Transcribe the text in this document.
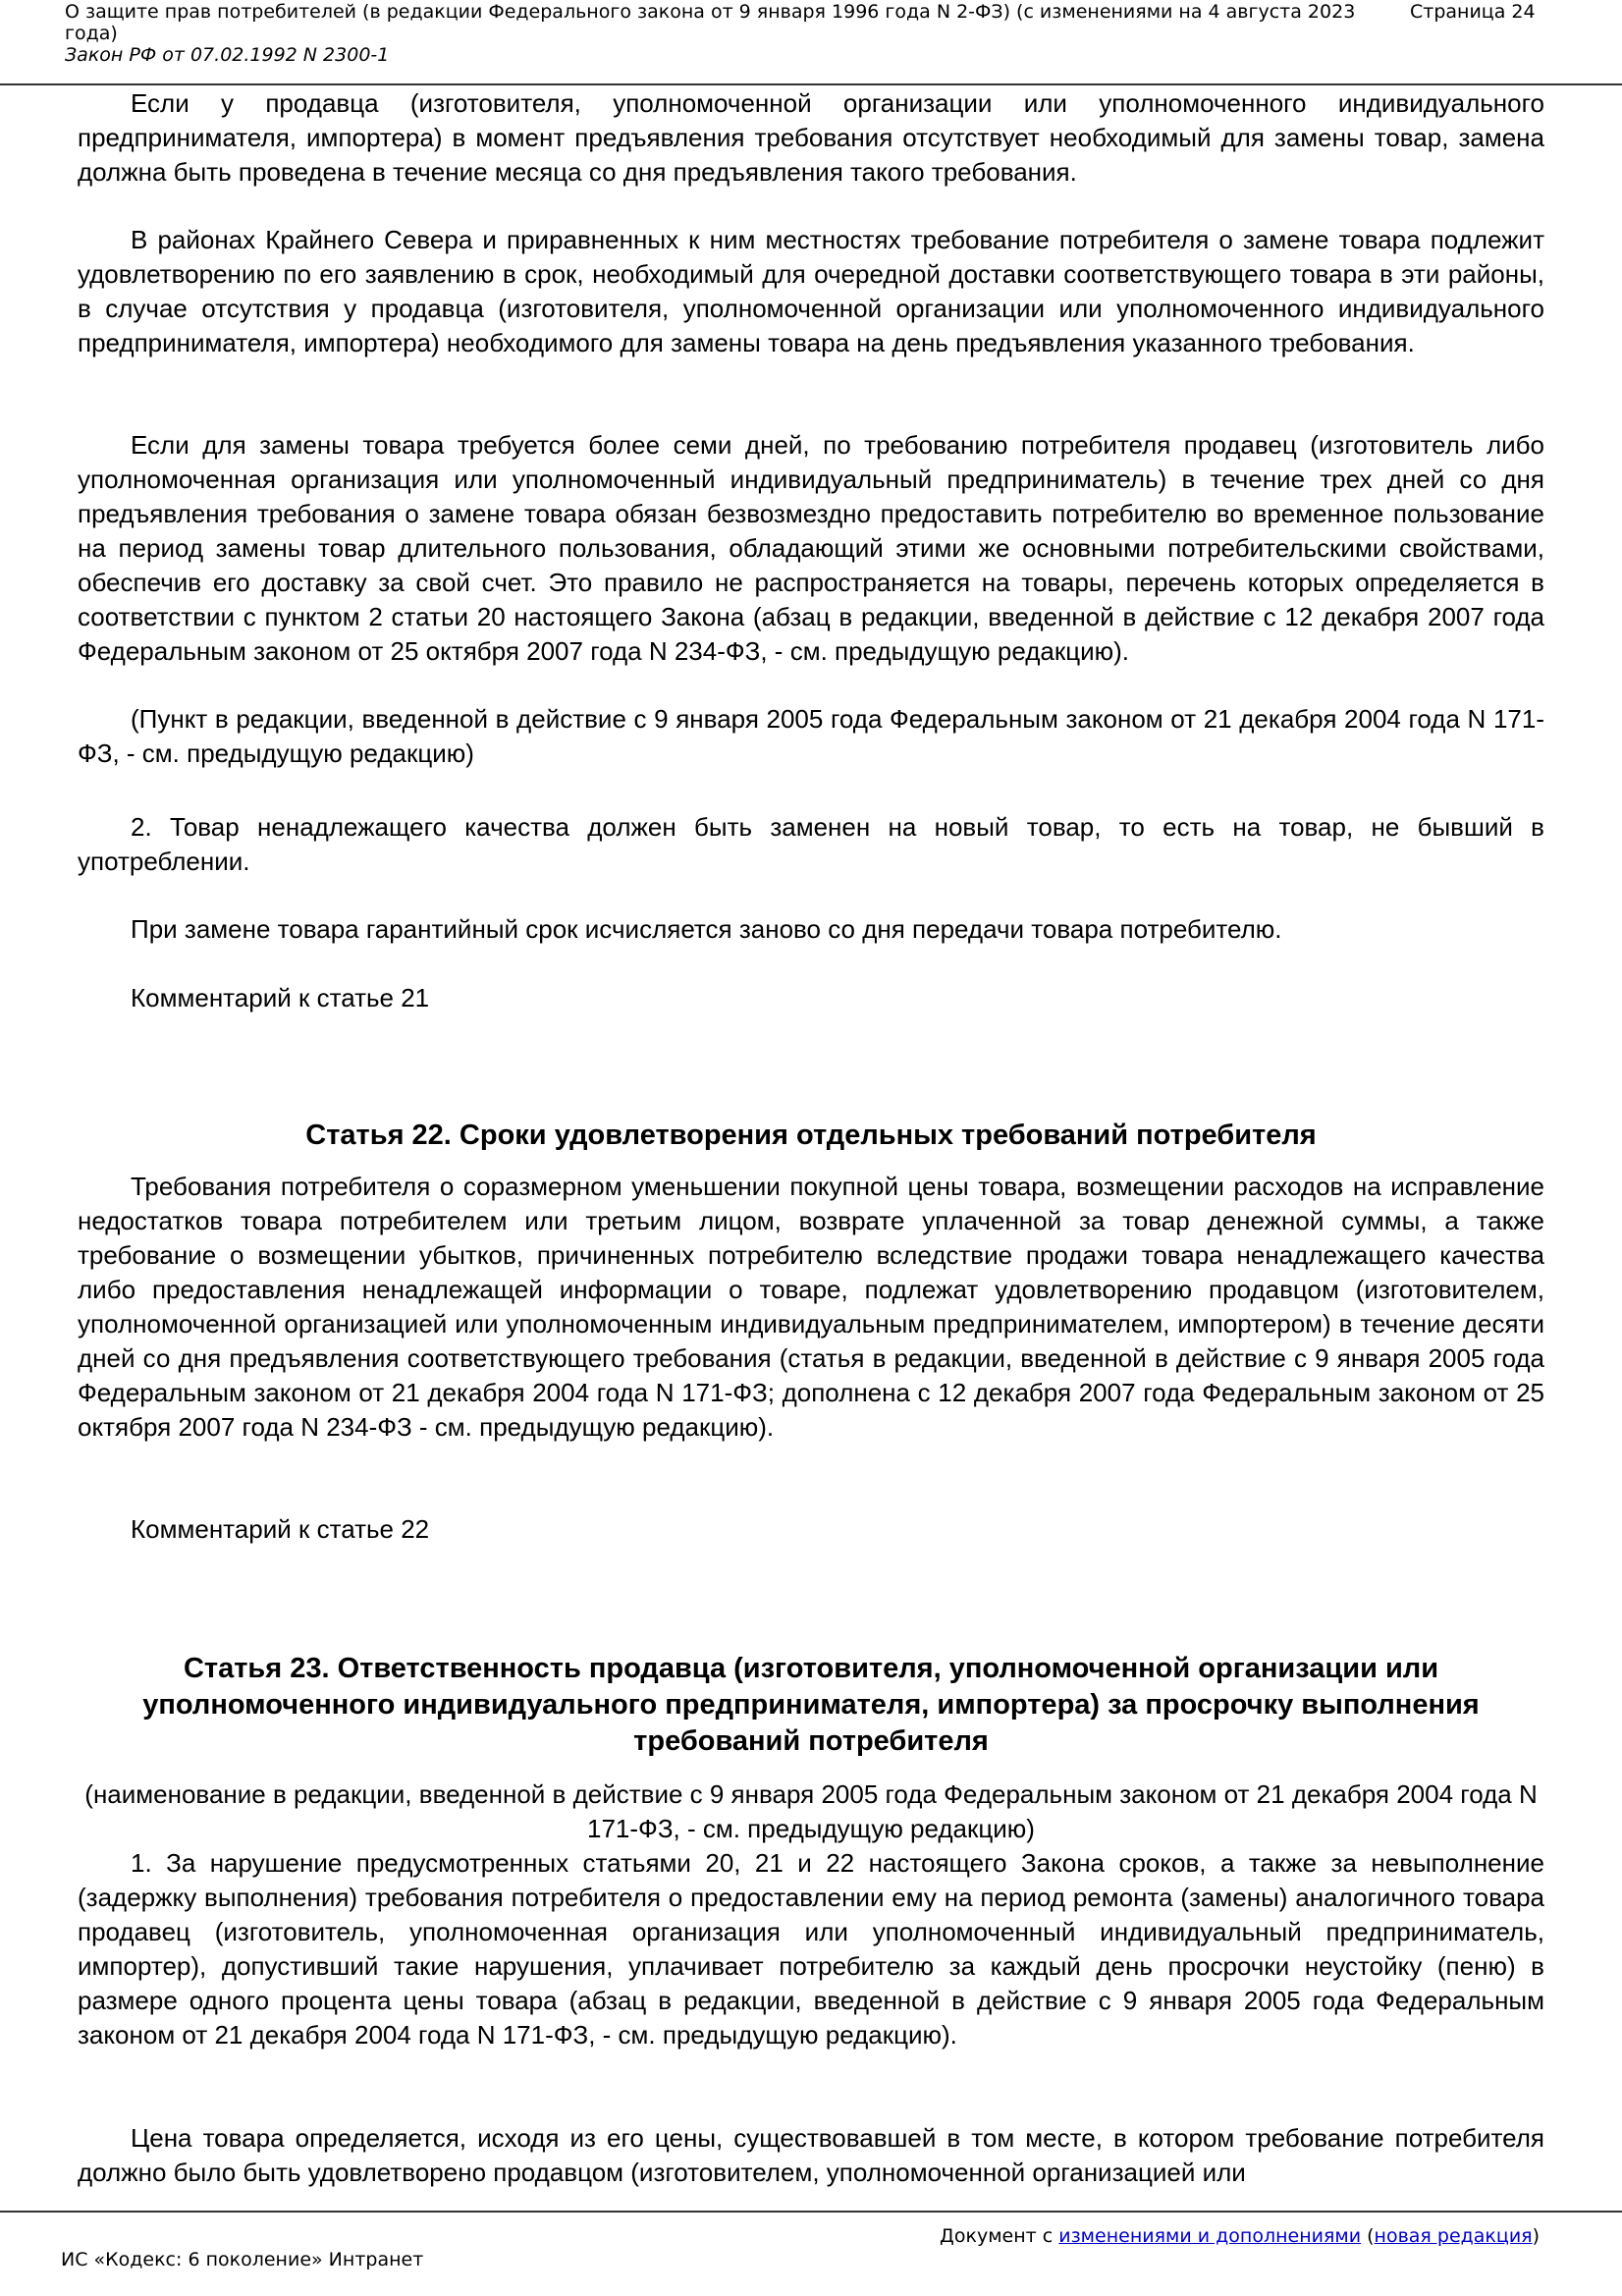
О защите прав потребителей (в редакции Федерального закона от 9 января 1996 года N 2-ФЗ) (с изменениями на 4 августа 2023 года)
Страница 24
Закон РФ от 07.02.1992 N 2300-1

Если у продавца (изготовителя, уполномоченной организации или уполномоченного индивидуального предпринимателя, импортера) в момент предъявления требования отсутствует необходимый для замены товар, замена должна быть проведена в течение месяца со дня предъявления такого требования.

В районах Крайнего Севера и приравненных к ним местностях требование потребителя о замене товара подлежит удовлетворению по его заявлению в срок, необходимый для очередной доставки соответствующего товара в эти районы, в случае отсутствия у продавца (изготовителя, уполномоченной организации или уполномоченного индивидуального предпринимателя, импортера) необходимого для замены товара на день предъявления указанного требования.

Если для замены товара требуется более семи дней, по требованию потребителя продавец (изготовитель либо уполномоченная организация или уполномоченный индивидуальный предприниматель) в течение трех дней со дня предъявления требования о замене товара обязан безвозмездно предоставить потребителю во временное пользование на период замены товар длительного пользования, обладающий этими же основными потребительскими свойствами, обеспечив его доставку за свой счет. Это правило не распространяется на товары, перечень которых определяется в соответствии с пунктом 2 статьи 20 настоящего Закона (абзац в редакции, введенной в действие с 12 декабря 2007 года Федеральным законом от 25 октября 2007 года N 234-ФЗ, - см. предыдущую редакцию).

(Пункт в редакции, введенной в действие с 9 января 2005 года Федеральным законом от 21 декабря 2004 года N 171-ФЗ, - см. предыдущую редакцию)

2. Товар ненадлежащего качества должен быть заменен на новый товар, то есть на товар, не бывший в употреблении.

При замене товара гарантийный срок исчисляется заново со дня передачи товара потребителю.

Комментарий к статье 21
Статья 22. Сроки удовлетворения отдельных требований потребителя

Требования потребителя о соразмерном уменьшении покупной цены товара, возмещении расходов на исправление недостатков товара потребителем или третьим лицом, возврате уплаченной за товар денежной суммы, а также требование о возмещении убытков, причиненных потребителю вследствие продажи товара ненадлежащего качества либо предоставления ненадлежащей информации о товаре, подлежат удовлетворению продавцом (изготовителем, уполномоченной организацией или уполномоченным индивидуальным предпринимателем, импортером) в течение десяти дней со дня предъявления соответствующего требования (статья в редакции, введенной в действие с 9 января 2005 года Федеральным законом от 21 декабря 2004 года N 171-ФЗ; дополнена с 12 декабря 2007 года Федеральным законом от 25 октября 2007 года N 234-ФЗ - см. предыдущую редакцию).

Комментарий к статье 22
Статья 23. Ответственность продавца (изготовителя, уполномоченной организации или уполномоченного индивидуального предпринимателя, импортера) за просрочку выполнения требований потребителя
(наименование в редакции, введенной в действие с 9 января 2005 года Федеральным законом от 21 декабря 2004 года N 171-ФЗ, - см. предыдущую редакцию)

1. За нарушение предусмотренных статьями 20, 21 и 22 настоящего Закона сроков, а также за невыполнение (задержку выполнения) требования потребителя о предоставлении ему на период ремонта (замены) аналогичного товара продавец (изготовитель, уполномоченная организация или уполномоченный индивидуальный предприниматель, импортер), допустивший такие нарушения, уплачивает потребителю за каждый день просрочки неустойку (пеню) в размере одного процента цены товара (абзац в редакции, введенной в действие с 9 января 2005 года Федеральным законом от 21 декабря 2004 года N 171-ФЗ, - см. предыдущую редакцию).

Цена товара определяется, исходя из его цены, существовавшей в том месте, в котором требование потребителя должно было быть удовлетворено продавцом (изготовителем, уполномоченной организацией или

Документ с изменениями и дополнениями (новая редакция)
ИС «Кодекс: 6 поколение» Интранет
